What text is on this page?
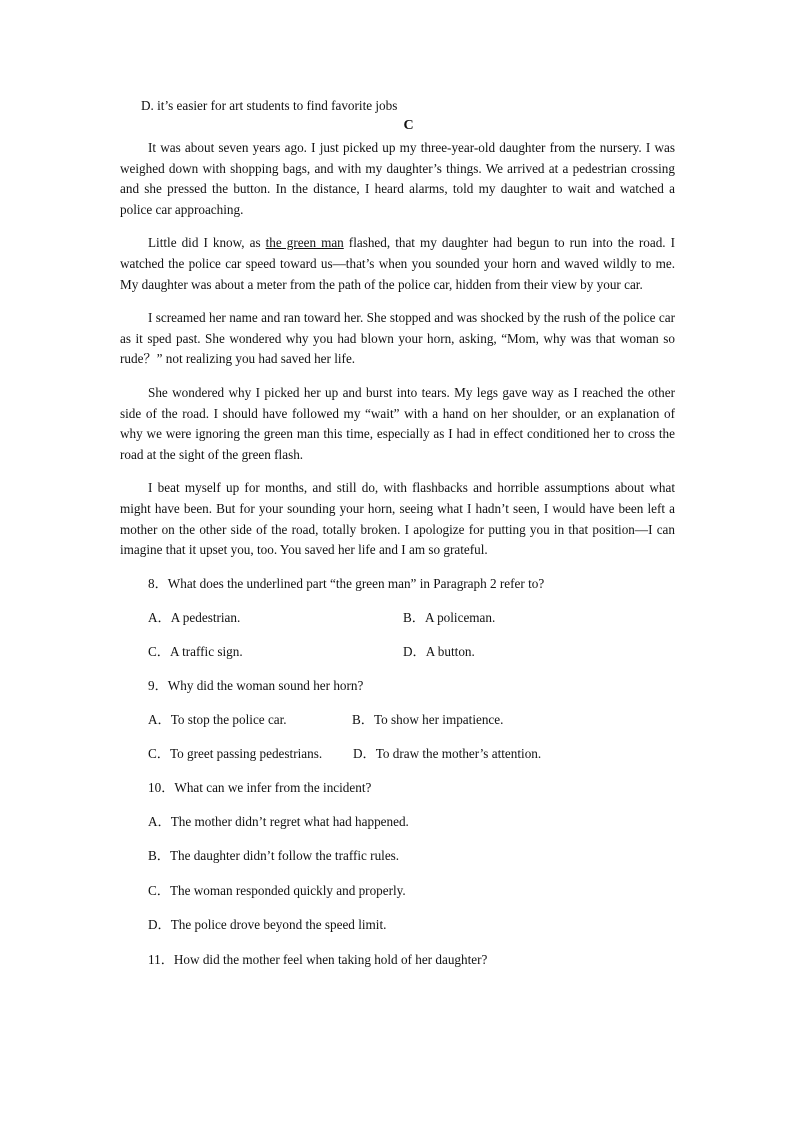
D. it’s easier for art students to find favorite jobs

C

It was about seven years ago. I just picked up my three-year-old daughter from the nursery. I was weighed down with shopping bags, and with my daughter’s things. We arrived at a pedestrian crossing and she pressed the button. In the distance, I heard alarms, told my daughter to wait and watched a police car approaching.

Little did I know, as the green man flashed, that my daughter had begun to run into the road. I watched the police car speed toward us—that’s when you sounded your horn and waved wildly to me. My daughter was about a meter from the path of the police car, hidden from their view by your car.

I screamed her name and ran toward her. She stopped and was shocked by the rush of the police car as it sped past. She wondered why you had blown your horn, asking, “Mom, why was that woman so rude？” not realizing you had saved her life.

She wondered why I picked her up and burst into tears. My legs gave way as I reached the other side of the road. I should have followed my “wait” with a hand on her shoulder, or an explanation of why we were ignoring the green man this time, especially as I had in effect conditioned her to cross the road at the sight of the green flash.

I beat myself up for months, and still do, with flashbacks and horrible assumptions about what might have been. But for your sounding your horn, seeing what I hadn’t seen, I would have been left a mother on the other side of the road, totally broken. I apologize for putting you in that position—I can imagine that it upset you, too. You saved her life and I am so grateful.

8．What does the underlined part “the green man” in Paragraph 2 refer to?

A．A pedestrian.	B．A policeman.
C．A traffic sign.	D．A button.

9．Why did the woman sound her horn?

A．To stop the police car.	B．To show her impatience.
C．To greet passing pedestrians. D．To draw the mother’s attention.

10．What can we infer from the incident?

A．The mother didn’t regret what had happened.

B．The daughter didn’t follow the traffic rules.

C．The woman responded quickly and properly.

D．The police drove beyond the speed limit.

11．How did the mother feel when taking hold of her daughter?
